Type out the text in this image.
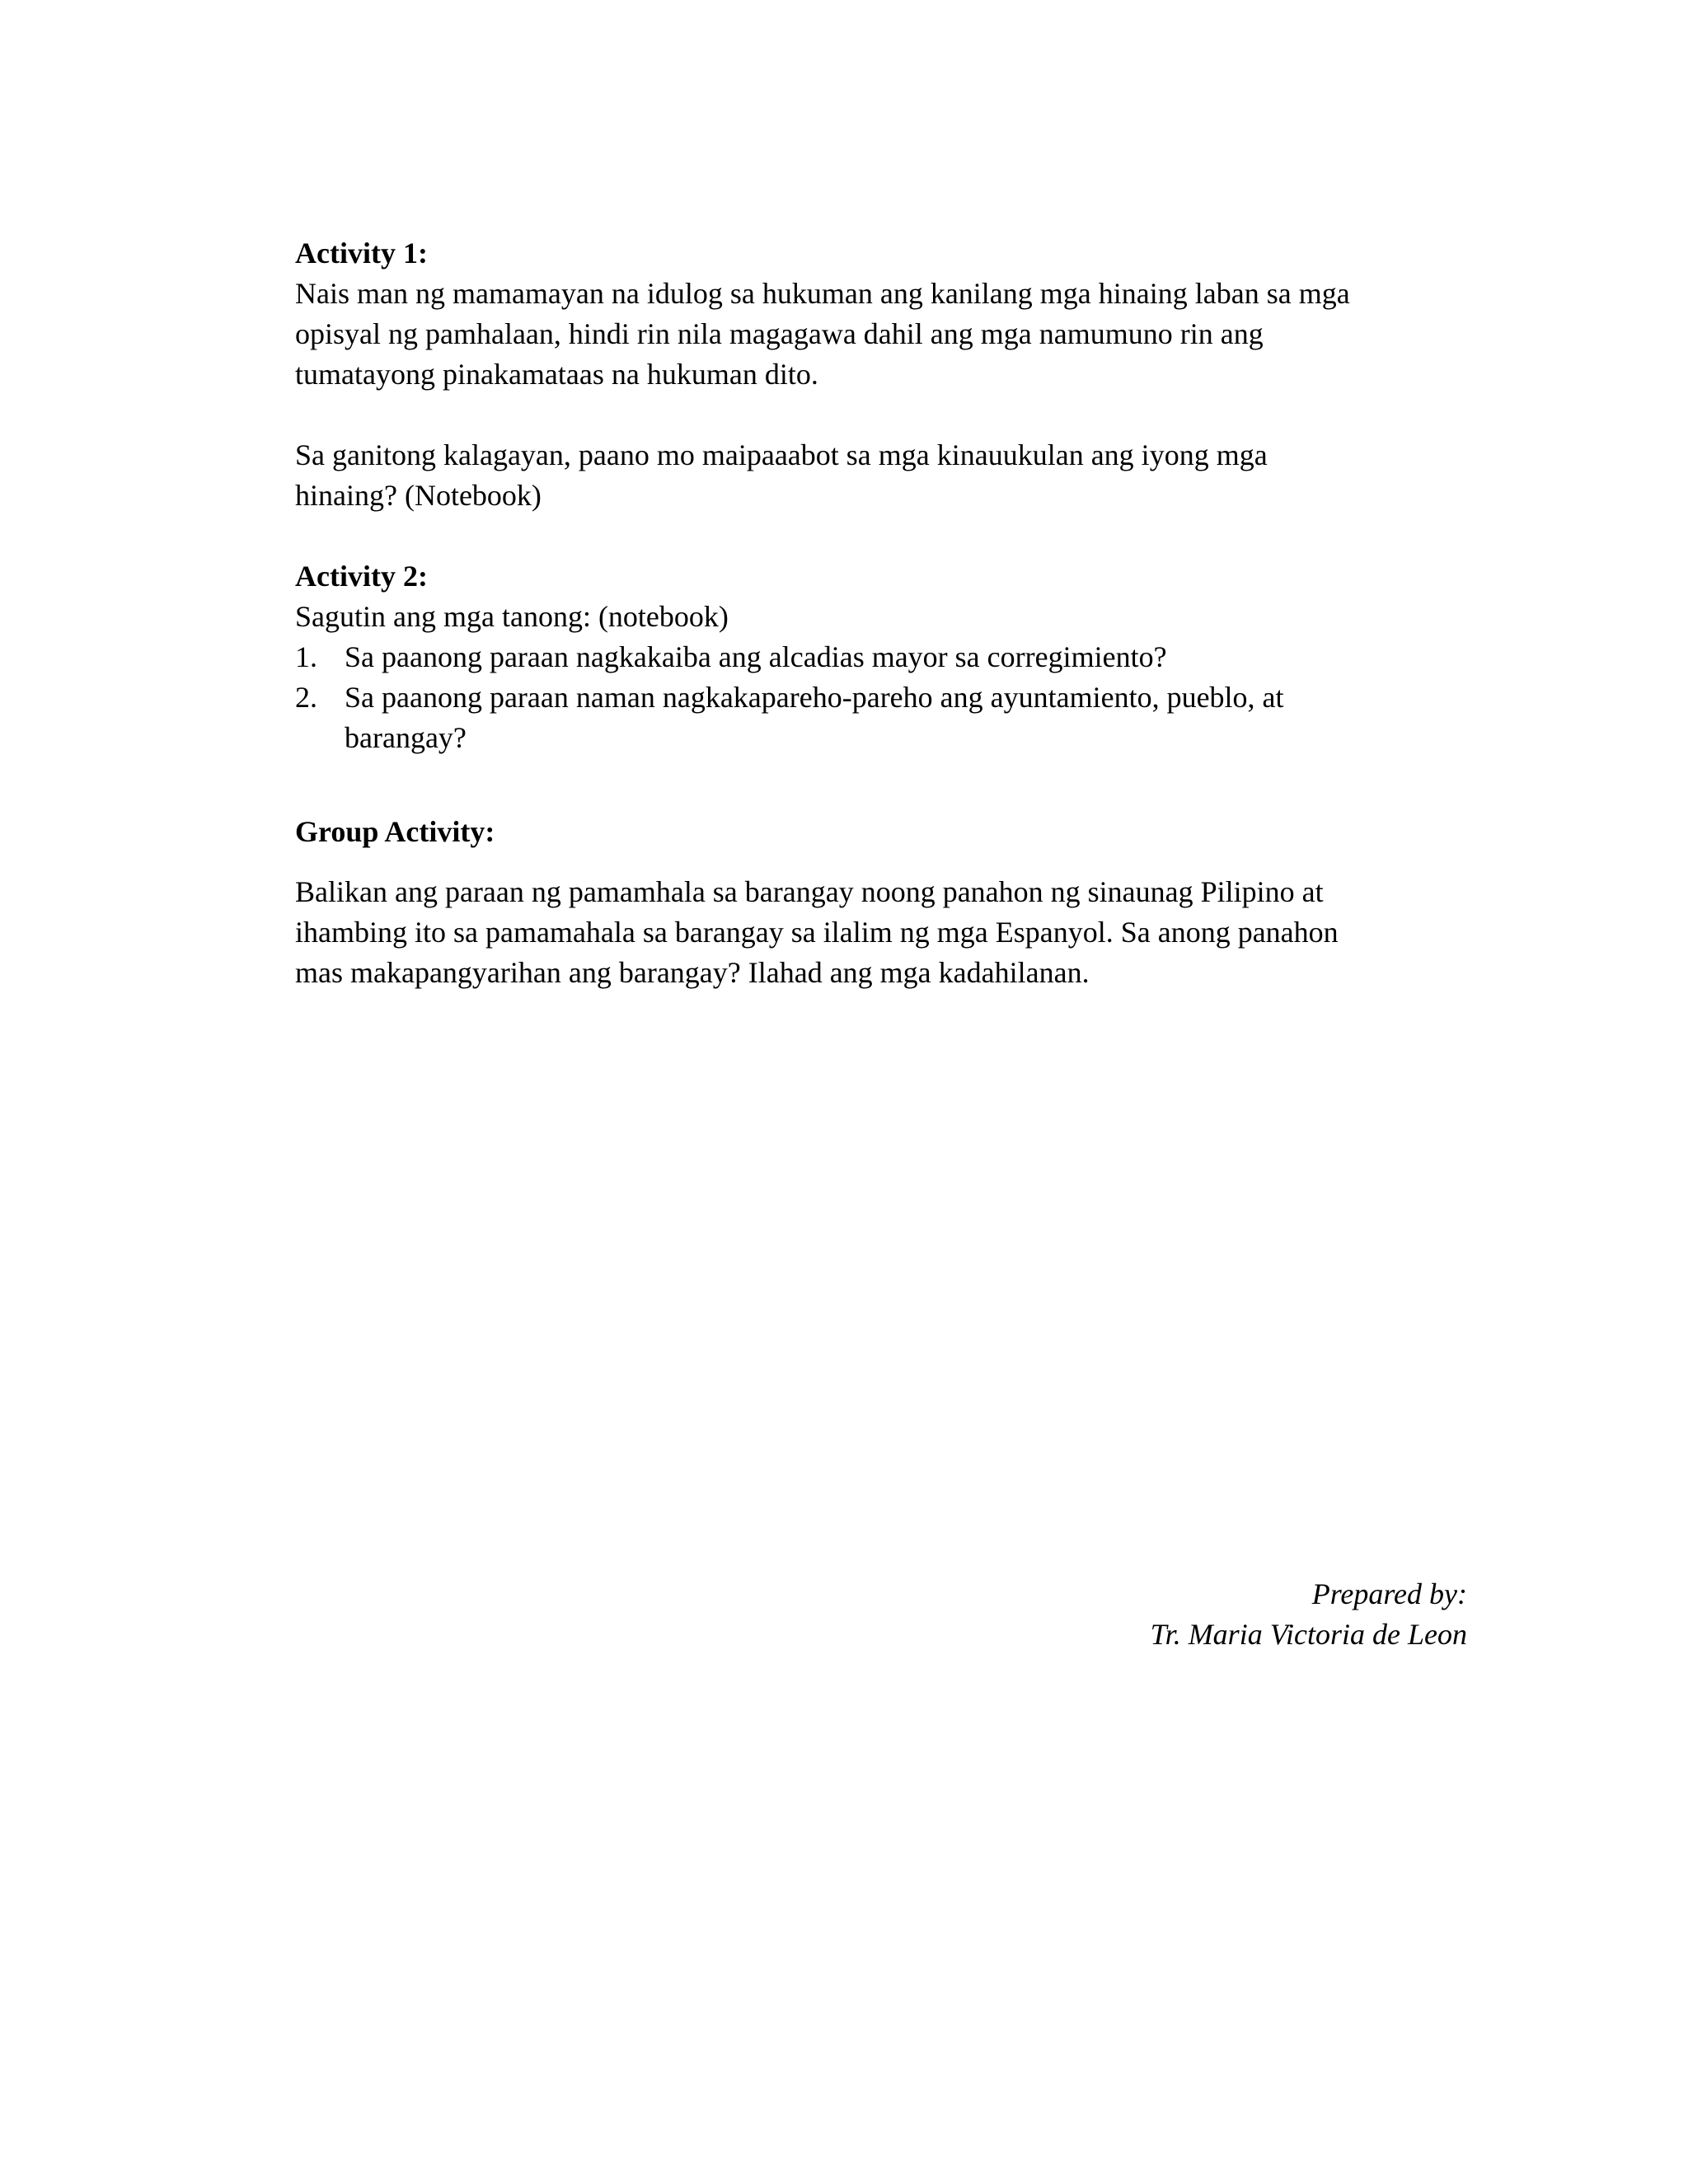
Activity 1:

Nais man ng mamamayan na idulog sa hukuman ang kanilang mga hinaing laban sa mga
opisyal ng pamhalaan, hindi rin nila magagawa dahil ang mga namumuno rin ang
tumatayong pinakamataas na hukuman dito.

Sa ganitong kalagayan, paano mo maipaaabot sa mga kinauukulan ang iyong mga
hinaing? (Notebook)

Activity 2:

Sagutin ang mga tanong: (notebook)

1. Sa paanong paraan nagkakaiba ang alcadias mayor sa corregimiento?
2. Sa paanong paraan naman nagkakapareho-pareho ang ayuntamiento, pueblo, at
barangay?
Group Activity:

Balikan ang paraan ng pamamhala sa barangay noong panahon ng sinaunag Pilipino at
ihambing ito sa pamamahala sa barangay sa ilalim ng mga Espanyol. Sa anong panahon
mas makapangyarihan ang barangay? Ilahad ang mga kadahilanan.

Prepared by:
Tr. Maria Victoria de Leon
